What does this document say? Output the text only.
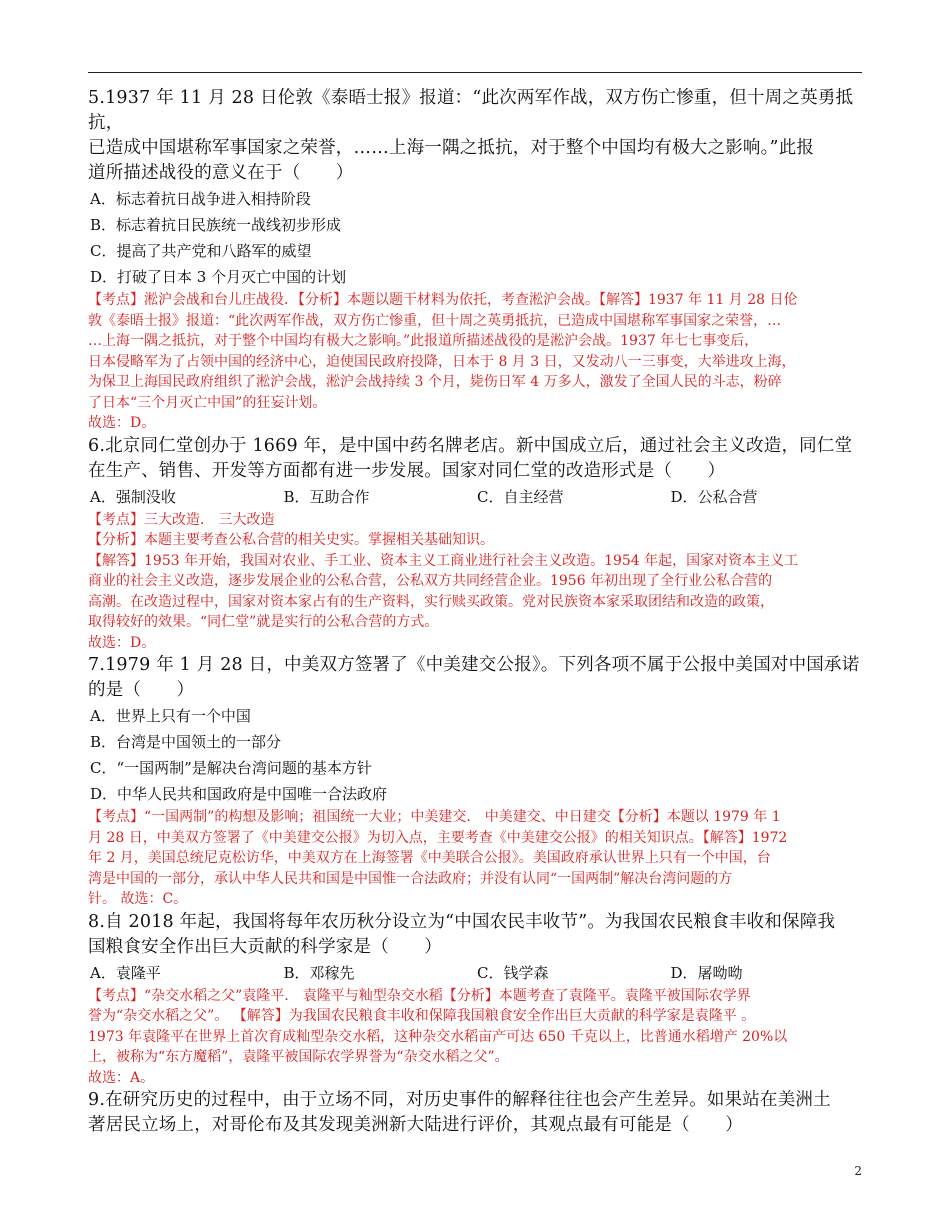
5.1937 年 11 月 28 日伦敦《泰晤士报》报道：“此次两军作战，双方伤亡惨重，但十周之英勇抵抗，

已造成中国堪称军事国家之荣誉，……上海一隅之抵抗，对于整个中国均有极大之影响。”此报

道所描述战役的意义在于（　　）

A．标志着抗日战争进入相持阶段

B．标志着抗日民族统一战线初步形成

C．提高了共产党和八路军的威望

D．打破了日本 3 个月灭亡中国的计划

【考点】淞沪会战和台儿庄战役．【分析】本题以题干材料为依托，考查淞沪会战。【解答】1937 年 11 月 28 日伦

敦《泰晤士报》报道：“此次两军作战，双方伤亡惨重，但十周之英勇抵抗，已造成中国堪称军事国家之荣誉，…

…上海一隅之抵抗，对于整个中国均有极大之影响。”此报道所描述战役的是淞沪会战。1937 年七七事变后，

日本侵略军为了占领中国的经济中心，迫使国民政府投降，日本于 8 月 3 日，又发动八一三事变，大举进攻上海，

为保卫上海国民政府组织了淞沪会战，淞沪会战持续 3 个月，毙伤日军 4 万多人，激发了全国人民的斗志，粉碎

了日本“三个月灭亡中国”的狂妄计划。

故选：D。

6.北京同仁堂创办于 1669 年，是中国中药名牌老店。新中国成立后，通过社会主义改造，同仁堂

在生产、销售、开发等方面都有进一步发展。国家对同仁堂的改造形式是（　　）

A．强制没收	B．互助合作	C．自主经营	D．公私合营

【考点】三大改造． 三大改造

【分析】本题主要考查公私合营的相关史实。掌握相关基础知识。

【解答】1953 年开始，我国对农业、手工业、资本主义工商业进行社会主义改造。1954 年起，国家对资本主义工

商业的社会主义改造，逐步发展企业的公私合营，公私双方共同经营企业。1956 年初出现了全行业公私合营的

高潮。在改造过程中，国家对资本家占有的生产资料，实行赎买政策。党对民族资本家采取团结和改造的政策，

取得较好的效果。“同仁堂”就是实行的公私合营的方式。

故选：D。

7.1979 年 1 月 28 日，中美双方签署了《中美建交公报》。下列各项不属于公报中美国对中国承诺

的是（　　）

A．世界上只有一个中国

B．台湾是中国领土的一部分

C．“一国两制”是解决台湾问题的基本方针

D．中华人民共和国政府是中国唯一合法政府

【考点】“一国两制”的构想及影响；祖国统一大业；中美建交． 中美建交、中日建交【分析】本题以 1979 年 1

月 28 日，中美双方签署了《中美建交公报》为切入点，主要考查《中美建交公报》的相关知识点。【解答】1972

年 2 月，美国总统尼克松访华，中美双方在上海签署《中美联合公报》。美国政府承认世界上只有一个中国，台

湾是中国的一部分，承认中华人民共和国是中国惟一合法政府；并没有认同“一国两制”解决台湾问题的方

针。 故选：C。

8.自 2018 年起，我国将每年农历秋分设立为“中国农民丰收节”。为我国农民粮食丰收和保障我

国粮食安全作出巨大贡献的科学家是（　　）

A．袁隆平	B．邓稼先	C．钱学森	D．屠呦呦

【考点】“杂交水稻之父”袁隆平． 袁隆平与籼型杂交水稻【分析】本题考查了袁隆平。袁隆平被国际农学界

誉为“杂交水稻之父”。 【解答】为我国农民粮食丰收和保障我国粮食安全作出巨大贡献的科学家是袁隆平 。

1973 年袁隆平在世界上首次育成籼型杂交水稻，这种杂交水稻亩产可达 650 千克以上，比普通水稻增产 20%以

上，被称为“东方魔稻”，袁隆平被国际农学界誉为“杂交水稻之父”。

故选：A。

9.在研究历史的过程中，由于立场不同，对历史事件的解释往往也会产生差异。如果站在美洲土

著居民立场上，对哥伦布及其发现美洲新大陆进行评价，其观点最有可能是（　　）

2
